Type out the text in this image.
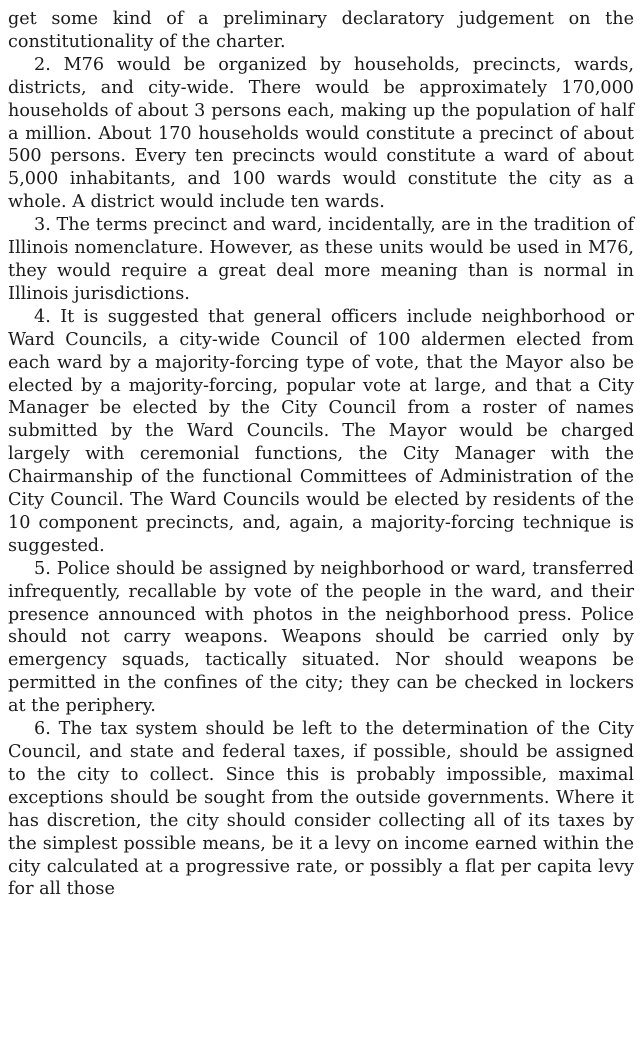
get some kind of a preliminary declaratory judgement on the constitutionality of the charter.

2. M76 would be organized by households, precincts, wards, districts, and city-wide. There would be approximately 170,000 households of about 3 persons each, making up the population of half a million. About 170 households would constitute a precinct of about 500 persons. Every ten precincts would constitute a ward of about 5,000 inhabitants, and 100 wards would constitute the city as a whole. A district would include ten wards.

3. The terms precinct and ward, incidentally, are in the tradition of Illinois nomenclature. However, as these units would be used in M76, they would require a great deal more meaning than is normal in Illinois jurisdictions.

4. It is suggested that general officers include neighborhood or Ward Councils, a city-wide Council of 100 aldermen elected from each ward by a majority-forcing type of vote, that the Mayor also be elected by a majority-forcing, popular vote at large, and that a City Manager be elected by the City Council from a roster of names submitted by the Ward Councils. The Mayor would be charged largely with ceremonial functions, the City Manager with the Chairmanship of the functional Committees of Administration of the City Council. The Ward Councils would be elected by residents of the 10 component precincts, and, again, a majority-forcing technique is suggested.

5. Police should be assigned by neighborhood or ward, transferred infrequently, recallable by vote of the people in the ward, and their presence announced with photos in the neighborhood press. Police should not carry weapons. Weapons should be carried only by emergency squads, tactically situated. Nor should weapons be permitted in the confines of the city; they can be checked in lockers at the periphery.

6. The tax system should be left to the determination of the City Council, and state and federal taxes, if possible, should be assigned to the city to collect. Since this is probably impossible, maximal exceptions should be sought from the outside governments. Where it has discretion, the city should consider collecting all of its taxes by the simplest possible means, be it a levy on income earned within the city calculated at a progressive rate, or possibly a flat per capita levy for all those
